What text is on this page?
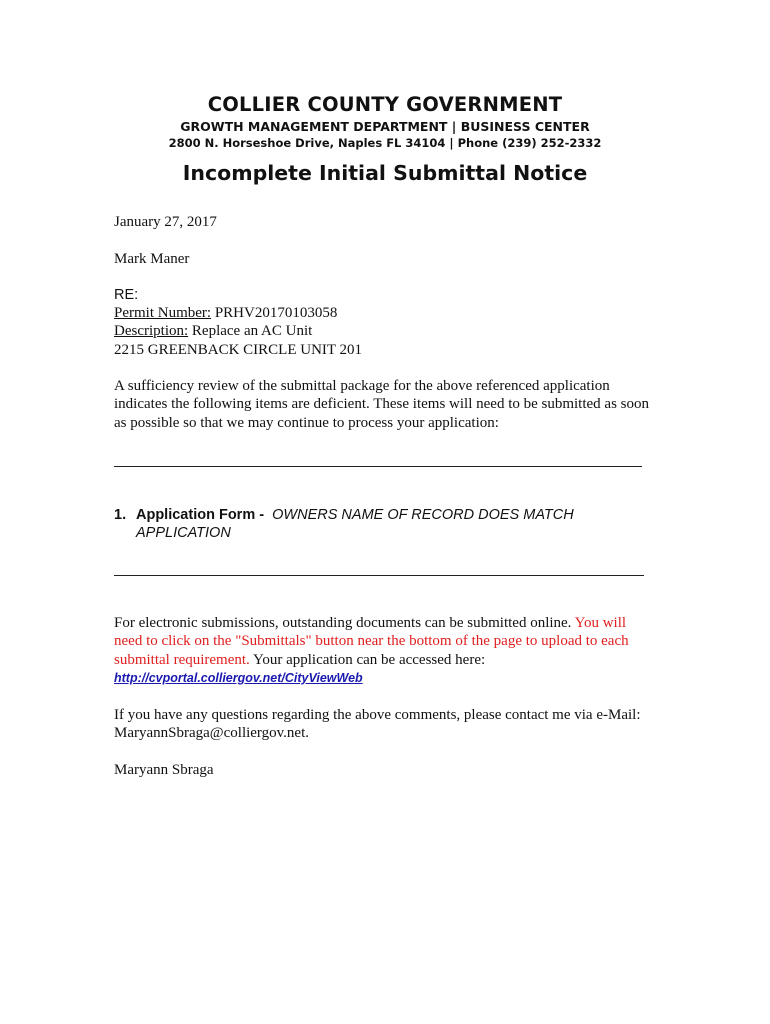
COLLIER COUNTY GOVERNMENT
GROWTH MANAGEMENT DEPARTMENT | BUSINESS CENTER
2800 N. Horseshoe Drive, Naples FL 34104 | Phone (239) 252-2332
Incomplete Initial Submittal Notice
January 27, 2017
Mark Maner
RE:
Permit Number: PRHV20170103058
Description: Replace an AC Unit
2215 GREENBACK CIRCLE UNIT 201
A sufficiency review of the submittal package for the above referenced application
indicates the following items are deficient. These items will need to be submitted as soon
as possible so that we may continue to process your application:
1. Application Form - OWNERS NAME OF RECORD DOES MATCH
APPLICATION
For electronic submissions, outstanding documents can be submitted online. You will
need to click on the "Submittals" button near the bottom of the page to upload to each
submittal requirement. Your application can be accessed here:
http://cvportal.colliergov.net/CityViewWeb
If you have any questions regarding the above comments, please contact me via e-Mail:
MaryannSbraga@colliergov.net.
Maryann Sbraga
